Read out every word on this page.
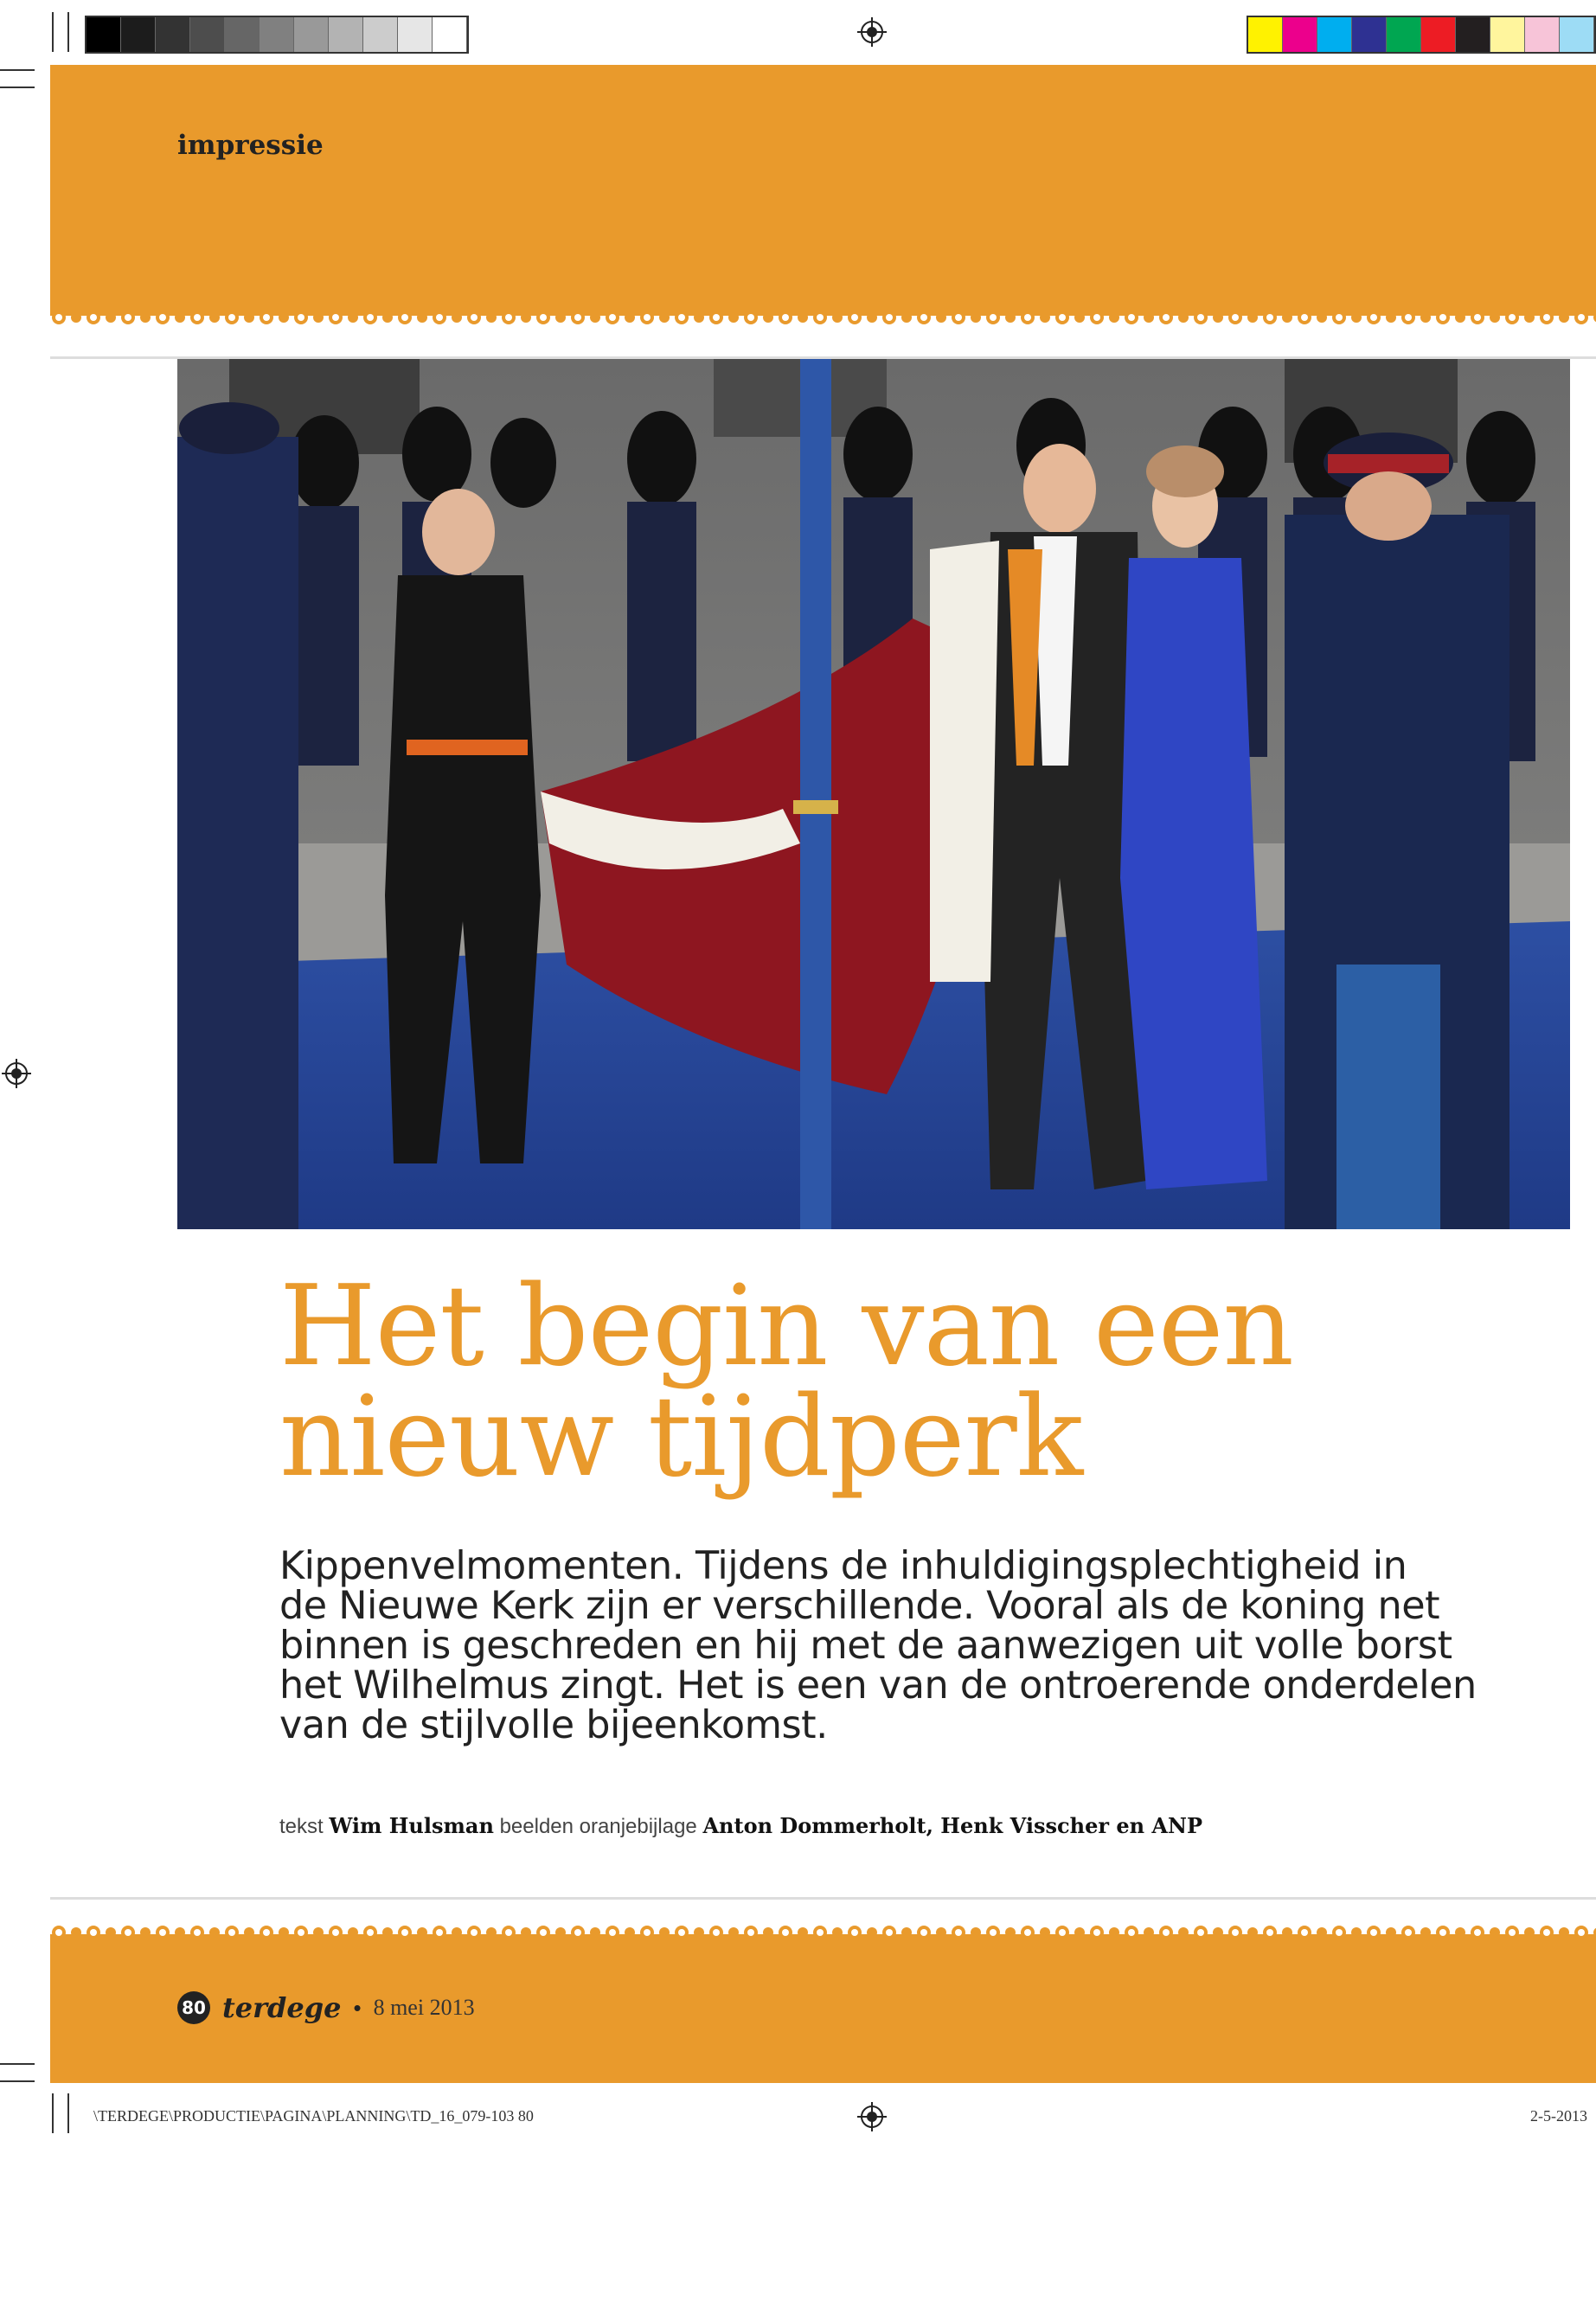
impressie
Het begin van een
nieuw tijdperk
Kippenvelmomenten. Tijdens de inhuldigingsplechtigheid in
de Nieuwe Kerk zijn er verschillende. Vooral als de koning net
binnen is geschreden en hij met de aanwezigen uit volle borst
het Wilhelmus zingt. Het is een van de ontroerende onderdelen
van de stijlvolle bijeenkomst.
tekst Wim Hulsman beelden oranjebijlage Anton Dommerholt, Henk Visscher en ANP
80 terdege • 8 mei 2013
\TERDEGE\PRODUCTIE\PAGINA\PLANNING\TD_16_079-103 80	2-5-2013
